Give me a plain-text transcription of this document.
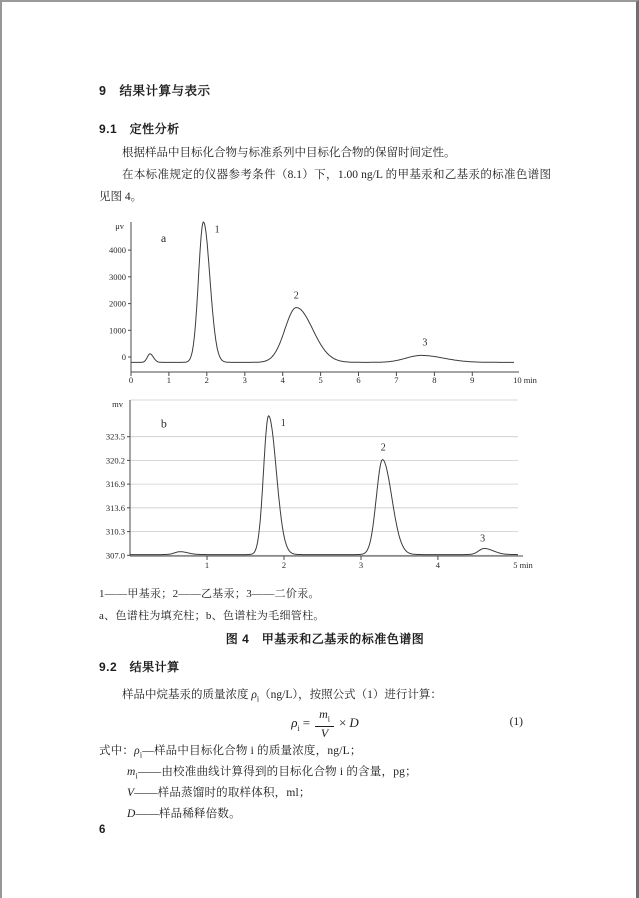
9　结果计算与表示
9.1　定性分析

根据样品中目标化合物与标准系列中目标化合物的保留时间定性。

在本标准规定的仪器参考条件（8.1）下，1.00 ng/L 的甲基汞和乙基汞的标准色谱图见图 4。

0
1000
2000
3000
4000
0	1	2	3	4	5	6	7	8	9	10 min
μv
a
1
2
3
307.0
310.3
313.6
316.9
320.2
323.5
1	2	3	4	5 min
mv
b	1
2
3
1——甲基汞；2——乙基汞；3——二价汞。
a、色谱柱为填充柱；b、色谱柱为毛细管柱。
图 4　甲基汞和乙基汞的标准色谱图
9.2　结果计算

样品中烷基汞的质量浓度 $\rho_i(ng/L)$，按照公式（1）进行计算：

$\rho_i = \frac{m_i}{V} \times D$	(1)
式中：$\rho_i—$样品中目标化合物 i 的质量浓度，ng/L；
$m_i——$由校准曲线计算得到的目标化合物 i 的含量，pg；
V——样品蒸馏时的取样体积，ml；
D——样品稀释倍数。
6
